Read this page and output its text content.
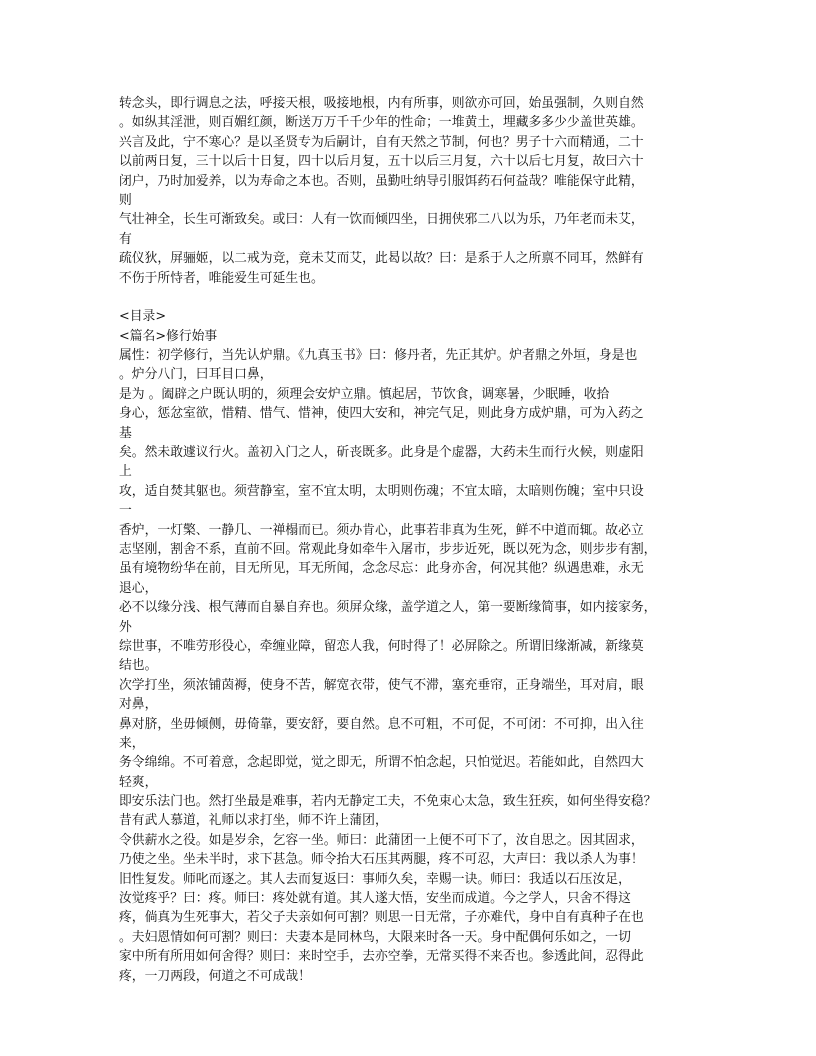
转念头，即行调息之法，呼接天根，吸接地根，内有所事，则欲亦可回，始虽强制，久则自然
。如纵其淫泄，则百媚红颜，断送万万千千少年的性命；一堆黄土，埋藏多多少少盖世英雄。
兴言及此，宁不寒心？是以圣贤专为后嗣计，自有天然之节制，何也？男子十六而精通，二十
以前两日复，三十以后十日复，四十以后月复，五十以后三月复，六十以后七月复，故曰六十
闭户，乃时加爱养，以为寿命之本也。否则，虽勤吐纳导引服饵药石何益哉？唯能保守此精，
则
气壮神全，长生可渐致矣。或曰：人有一饮而倾四坐，日拥侠邪二八以为乐，乃年老而未艾，
有
疏仪狄，屏骊姬，以二戒为竞，竟未艾而艾，此曷以故？曰：是系于人之所禀不同耳，然鲜有
不伤于所恃者，唯能爱生可延生也。
<目录>
<篇名>修行始事
属性：初学修行，当先认炉鼎。《九真玉书》曰：修丹者，先正其炉。炉者鼎之外垣，身是也
。炉分八门，曰耳目口鼻，
是为 。阖辟之户既认明的，须理会安炉立鼎。慎起居，节饮食，调寒暑，少眠睡，收拾
身心，惩忿室欲，惜精、惜气、惜神，使四大安和，神完气足，则此身方成炉鼎，可为入药之
基
矣。然未敢遽议行火。盖初入门之人，斫丧既多。此身是个虚器，大药未生而行火候，则虚阳
上
攻，适自焚其躯也。须营静室，室不宜太明，太明则伤魂；不宜太暗，太暗则伤魄；室中只设
一
香炉，一灯檠、一静几、一禅榻而已。须办肯心，此事若非真为生死，鲜不中道而辄。故必立
志坚刚，割舍不系，直前不回。常观此身如牵牛入屠市，步步近死，既以死为念，则步步有割，
虽有境物纷华在前，目无所见，耳无所闻，念念尽忘：此身亦舍，何况其他？纵遇患难，永无
退心，
必不以缘分浅、根气薄而自暴自弃也。须屏众缘，盖学道之人，第一要断缘简事，如内接家务，
外
综世事，不唯劳形役心，牵缠业障，留恋人我，何时得了！必屏除之。所谓旧缘渐减，新缘莫
结也。
次学打坐，须浓铺茵褥，使身不苦，解宽衣带，使气不滞，塞充垂帘，正身端坐，耳对肩，眼
对鼻，
鼻对脐，坐毋倾侧，毋倚靠，要安舒，要自然。息不可粗，不可促，不可闭：不可抑，出入往
来，
务令绵绵。不可着意，念起即觉，觉之即无，所谓不怕念起，只怕觉迟。若能如此，自然四大
轻爽，
即安乐法门也。然打坐最是难事，若内无静定工夫，不免束心太急，致生狂疾，如何坐得安稳？
昔有武人慕道，礼师以求打坐，师不许上蒲团，
令供薪水之役。如是岁余，乞容一坐。师曰：此蒲团一上便不可下了，汝自思之。因其固求，
乃使之坐。坐未半时，求下甚急。师令抬大石压其两腿，疼不可忍，大声曰：我以杀人为事！
旧性复发。师叱而逐之。其人去而复返曰：事师久矣，幸赐一诀。师曰：我适以石压汝足，
汝觉疼乎？曰：疼。师曰：疼处就有道。其人遂大悟，安坐而成道。今之学人，只舍不得这
疼，倘真为生死事大，若父子夫亲如何可割？则思一日无常，子亦难代，身中自有真种子在也
。夫妇恩情如何可割？则曰：夫妻本是同林鸟，大限来时各一天。身中配偶何乐如之，一切
家中所有所用如何舍得？则曰：来时空手，去亦空拳，无常买得不来否也。参透此间，忍得此
疼，一刀两段，何道之不可成哉！
